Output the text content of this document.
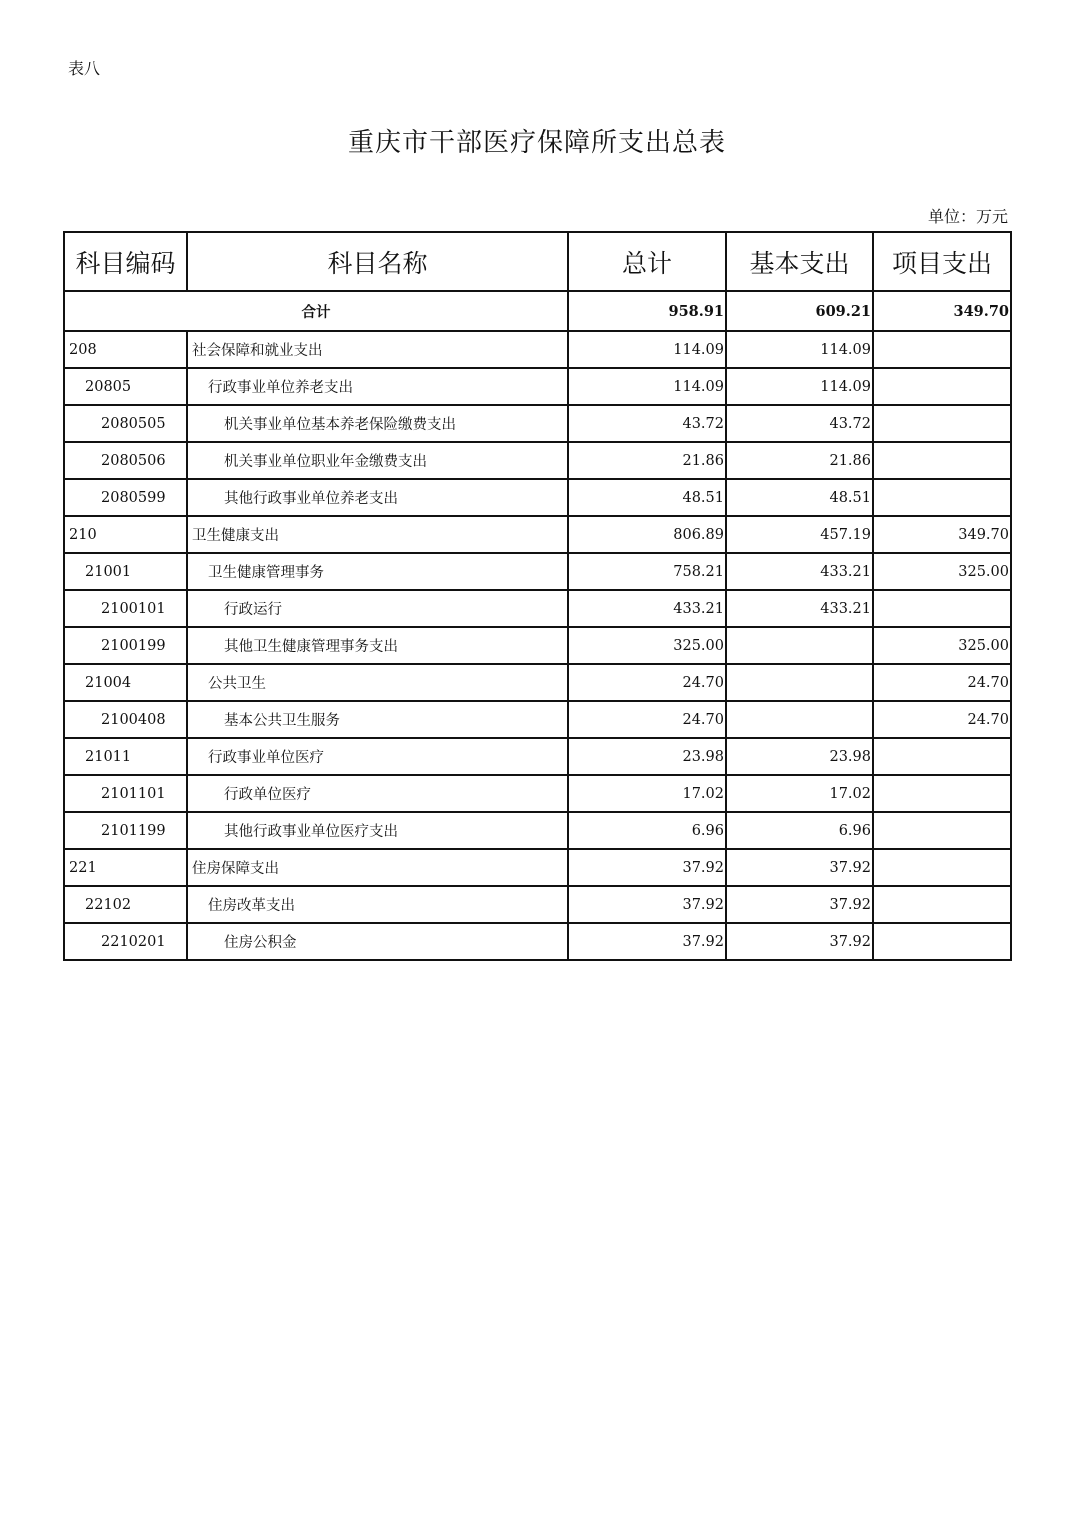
表八
重庆市干部医疗保障所支出总表
单位：万元
科目编码	科目名称	总计	基本支出	项目支出
合计		958.91	609.21	349.70
208	社会保障和就业支出	114.09	114.09	
20805	行政事业单位养老支出	114.09	114.09	
2080505	机关事业单位基本养老保险缴费支出	43.72	43.72	
2080506	机关事业单位职业年金缴费支出	21.86	21.86	
2080599	其他行政事业单位养老支出	48.51	48.51	
210	卫生健康支出	806.89	457.19	349.70
21001	卫生健康管理事务	758.21	433.21	325.00
2100101	行政运行	433.21	433.21	
2100199	其他卫生健康管理事务支出	325.00		325.00
21004	公共卫生	24.70		24.70
2100408	基本公共卫生服务	24.70		24.70
21011	行政事业单位医疗	23.98	23.98	
2101101	行政单位医疗	17.02	17.02	
2101199	其他行政事业单位医疗支出	6.96	6.96	
221	住房保障支出	37.92	37.92	
22102	住房改革支出	37.92	37.92	
2210201	住房公积金	37.92	37.92	
